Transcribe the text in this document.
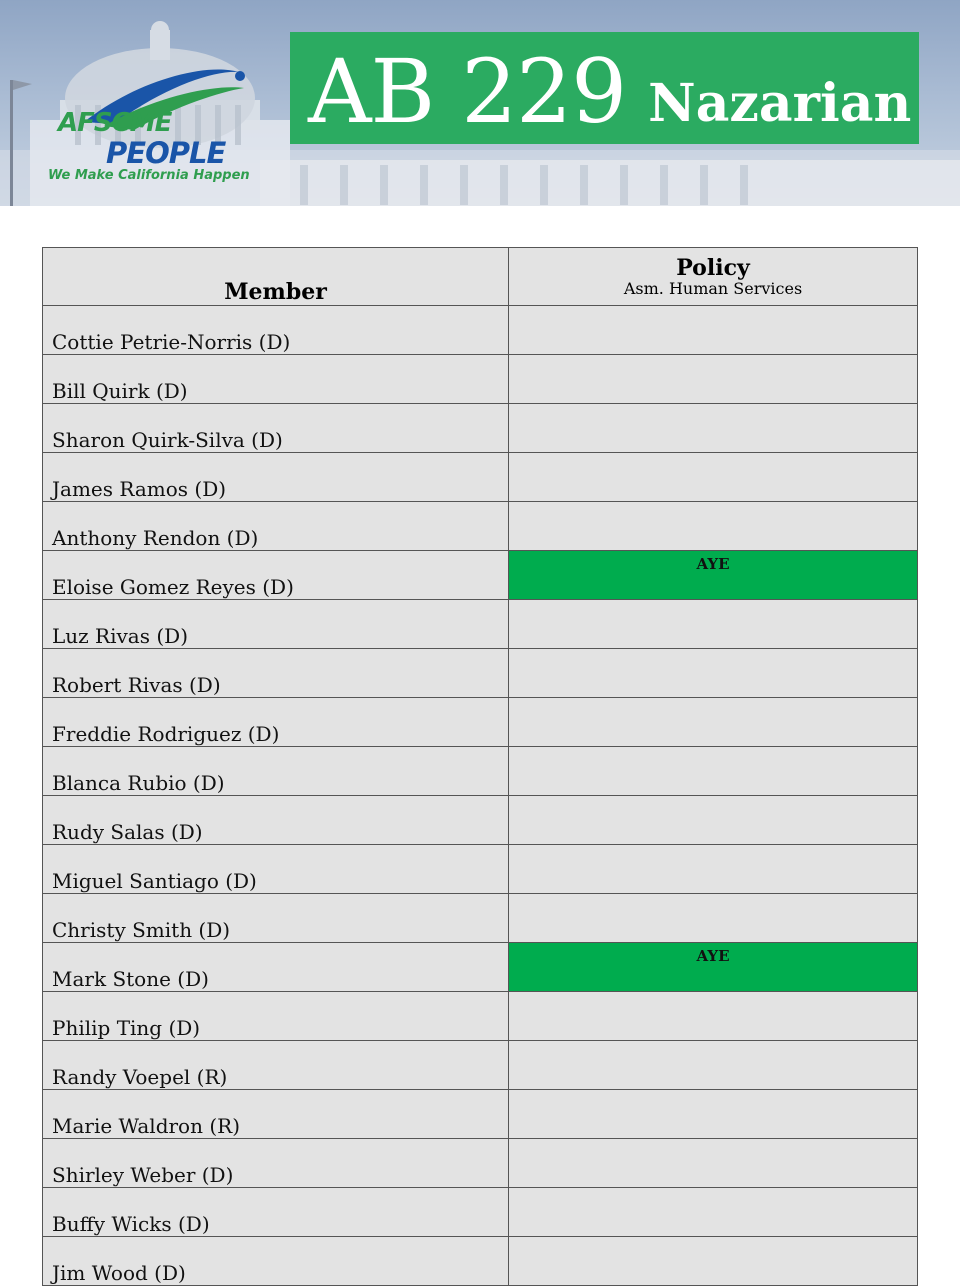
AFSCME
PEOPLE
We Make California Happen
AB 229 Nazarian
Member	Policy
Asm. Human Services

Cottie Petrie-Norris (D)	
Bill Quirk (D)	
Sharon Quirk-Silva (D)	
James Ramos (D)	
Anthony Rendon (D)	
Eloise Gomez Reyes (D)	AYE
Luz Rivas (D)	
Robert Rivas (D)	
Freddie Rodriguez (D)	
Blanca Rubio (D)	
Rudy Salas (D)	
Miguel Santiago (D)	
Christy Smith (D)	
Mark Stone (D)	AYE
Philip Ting (D)	
Randy Voepel (R)	
Marie Waldron (R)	
Shirley Weber (D)	
Buffy Wicks (D)	
Jim Wood (D)	
